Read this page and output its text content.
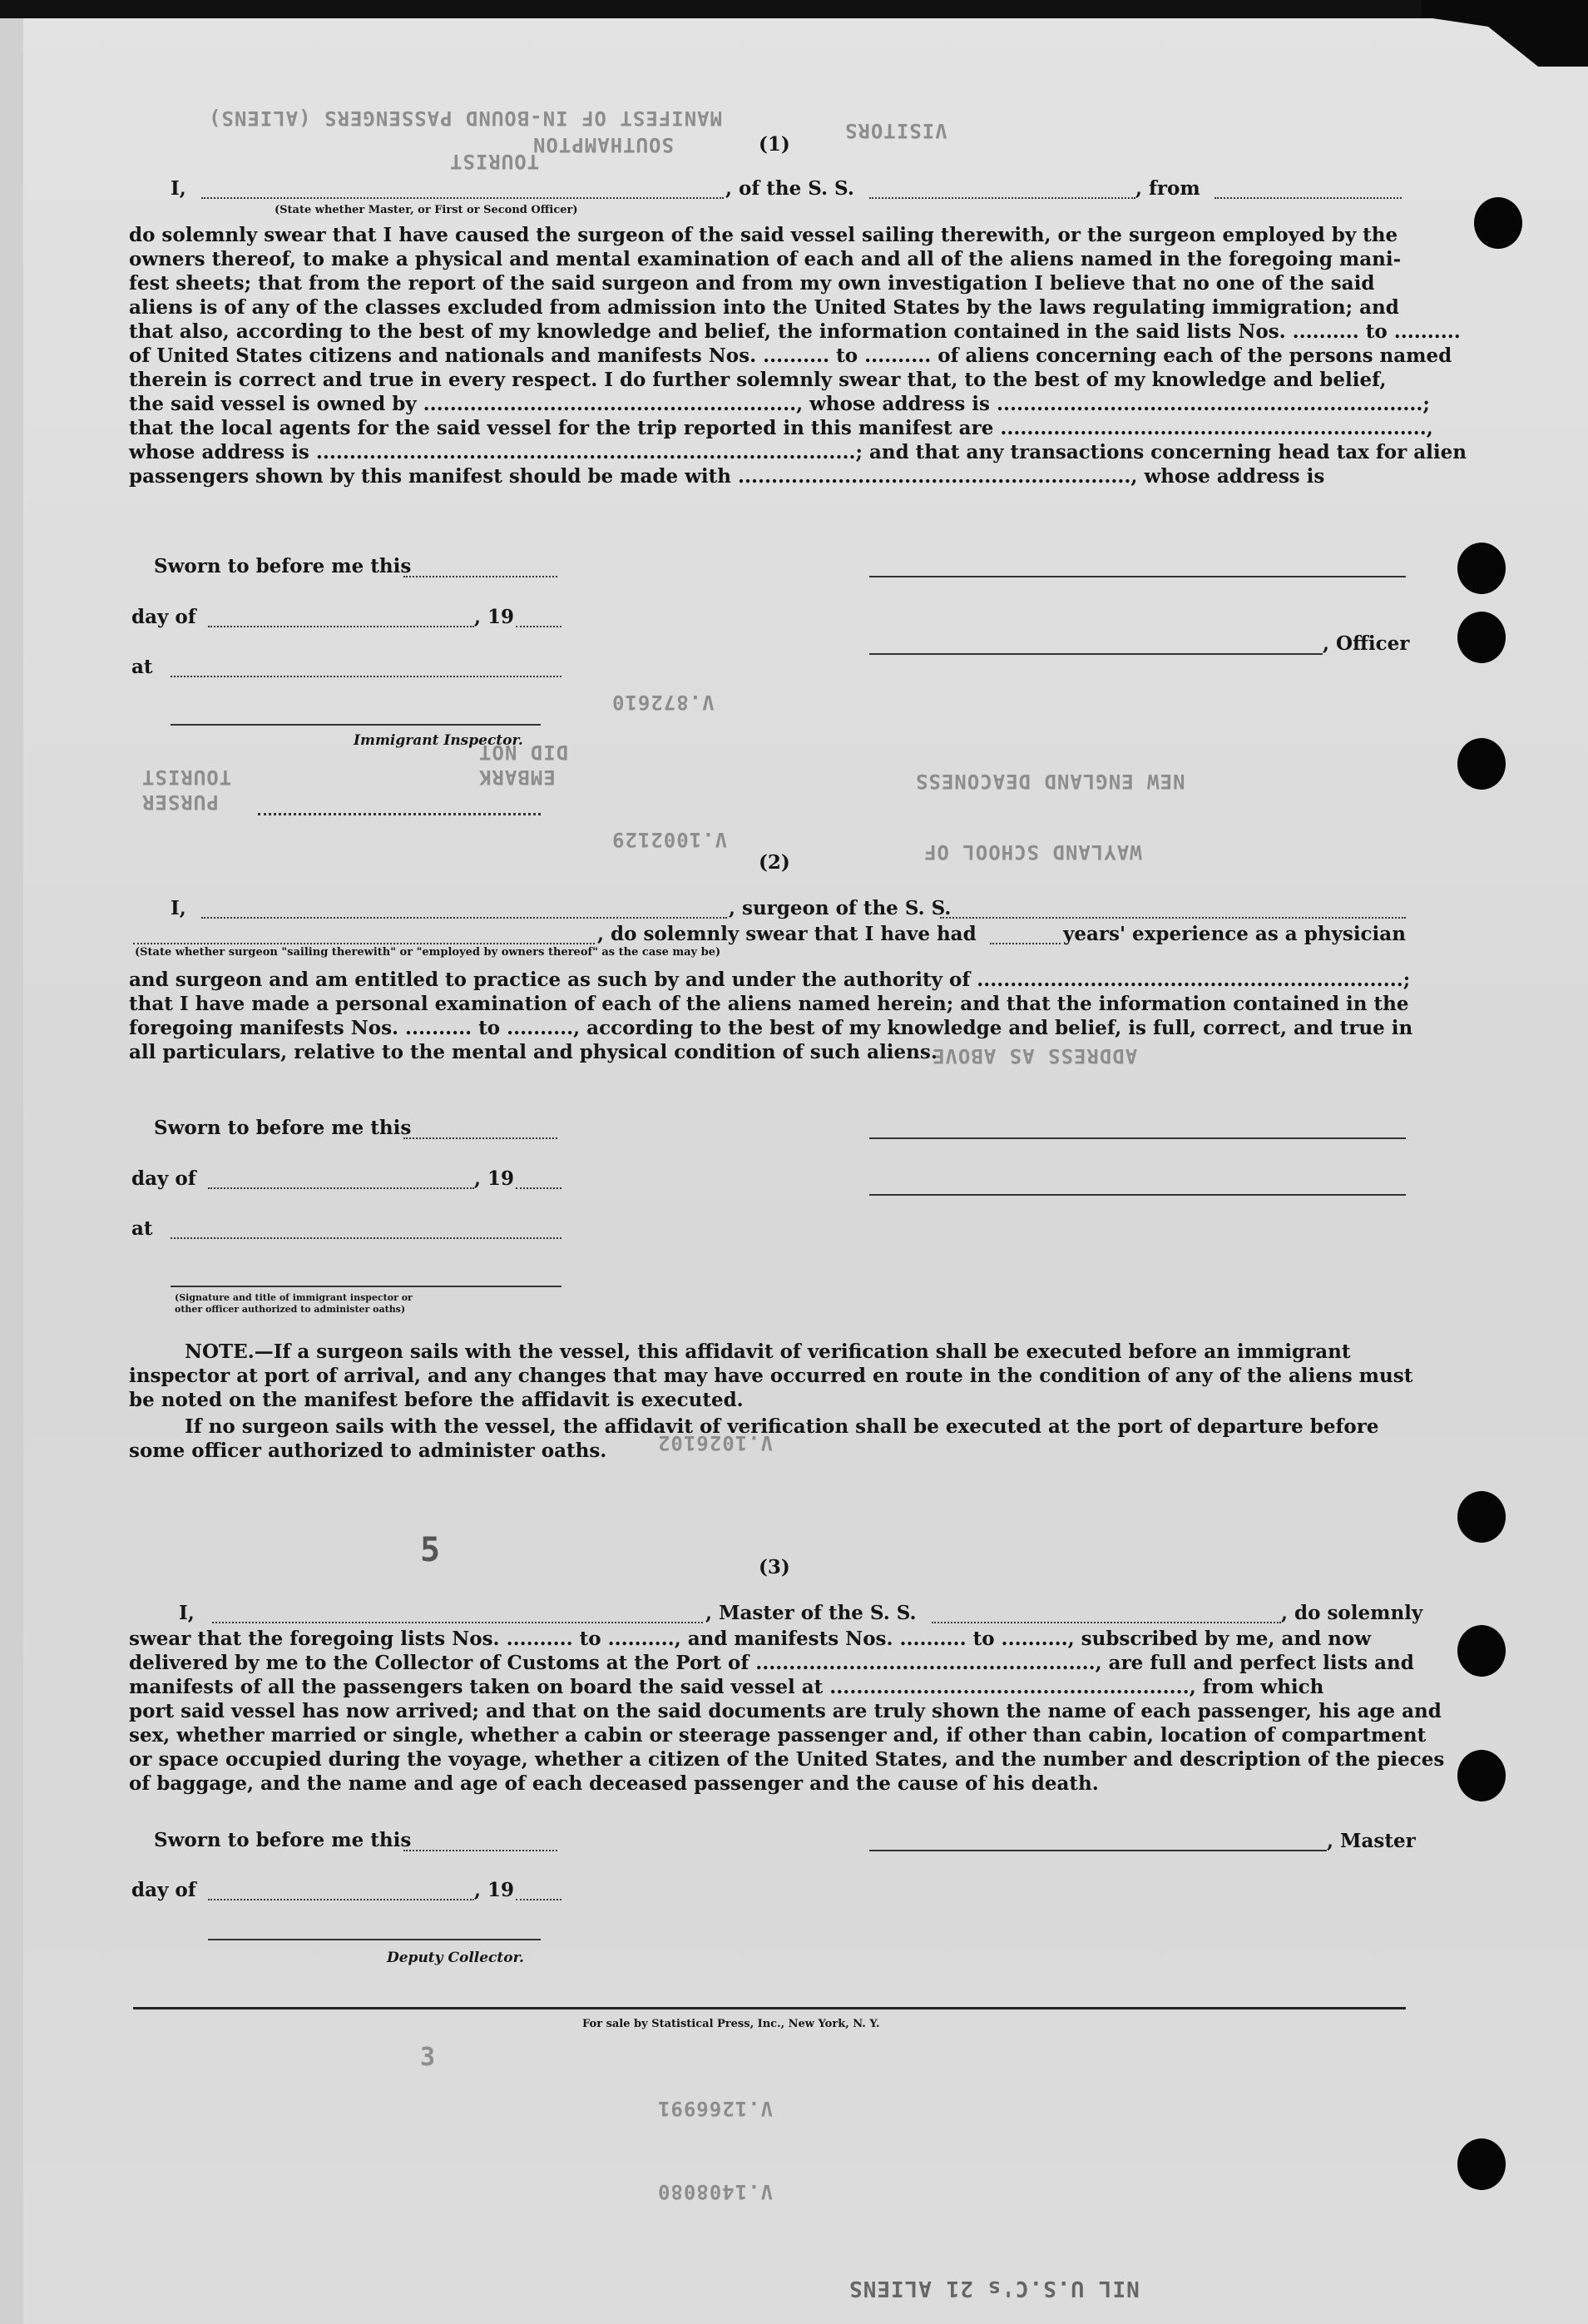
VISITORS
MANIFEST OF IN-BOUND PASSENGERS (ALIENS)
TOURIST
SOUTHAMPTON
TOURIST
PURSER
DID NOT
EMBARK
V.872610
V.1002129
V.1026102
V.1266991
V.1408080
ADDRESS AS ABOVE
NEW ENGLAND DEACONESS
WAYLAND SCHOOL OF
NIL U.S.C's 21 ALIENS
5
3
(1)
I,	, of the S. S.	, from
(State whether Master, or First or Second Officer)
do solemnly swear that I have caused the surgeon of the said vessel sailing therewith, or the surgeon employed by the
owners thereof, to make a physical and mental examination of each and all of the aliens named in the foregoing mani-
fest sheets; that from the report of the said surgeon and from my own investigation I believe that no one of the said
aliens is of any of the classes excluded from admission into the United States by the laws regulating immigration; and
that also, according to the best of my knowledge and belief, the information contained in the said lists Nos. .......... to ..........
of United States citizens and nationals and manifests Nos. .......... to .......... of aliens concerning each of the persons named
therein is correct and true in every respect. I do further solemnly swear that, to the best of my knowledge and belief,
the said vessel is owned by ........................................................, whose address is ................................................................;
that the local agents for the said vessel for the trip reported in this manifest are ................................................................,
whose address is .................................................................................; and that any transactions concerning head tax for alien
passengers shown by this manifest should be made with ..........................................................., whose address is
Sworn to before me this
day of	, 19
, Officer
at
Immigrant Inspector.
(2)
I,	, surgeon of the S. S.
, do solemnly swear that I have had	years' experience as a physician
(State whether surgeon "sailing therewith" or "employed by owners thereof" as the case may be)
and surgeon and am entitled to practice as such by and under the authority of ................................................................;
that I have made a personal examination of each of the aliens named herein; and that the information contained in the
foregoing manifests Nos. .......... to .........., according to the best of my knowledge and belief, is full, correct, and true in
all particulars, relative to the mental and physical condition of such aliens.
Sworn to before me this
day of	, 19
at
(Signature and title of immigrant inspector or
other officer authorized to administer oaths)
NOTE.—If a surgeon sails with the vessel, this affidavit of verification shall be executed before an immigrant
inspector at port of arrival, and any changes that may have occurred en route in the condition of any of the aliens must
be noted on the manifest before the affidavit is executed.
If no surgeon sails with the vessel, the affidavit of verification shall be executed at the port of departure before
some officer authorized to administer oaths.
(3)
I,	, Master of the S. S.	, do solemnly
swear that the foregoing lists Nos. .......... to .........., and manifests Nos. .......... to .........., subscribed by me, and now
delivered by me to the Collector of Customs at the Port of ..................................................., are full and perfect lists and
manifests of all the passengers taken on board the said vessel at ......................................................, from which
port said vessel has now arrived; and that on the said documents are truly shown the name of each passenger, his age and
sex, whether married or single, whether a cabin or steerage passenger and, if other than cabin, location of compartment
or space occupied during the voyage, whether a citizen of the United States, and the number and description of the pieces
of baggage, and the name and age of each deceased passenger and the cause of his death.
Sworn to before me this	, Master
day of	, 19
Deputy Collector.
For sale by Statistical Press, Inc., New York, N. Y.
